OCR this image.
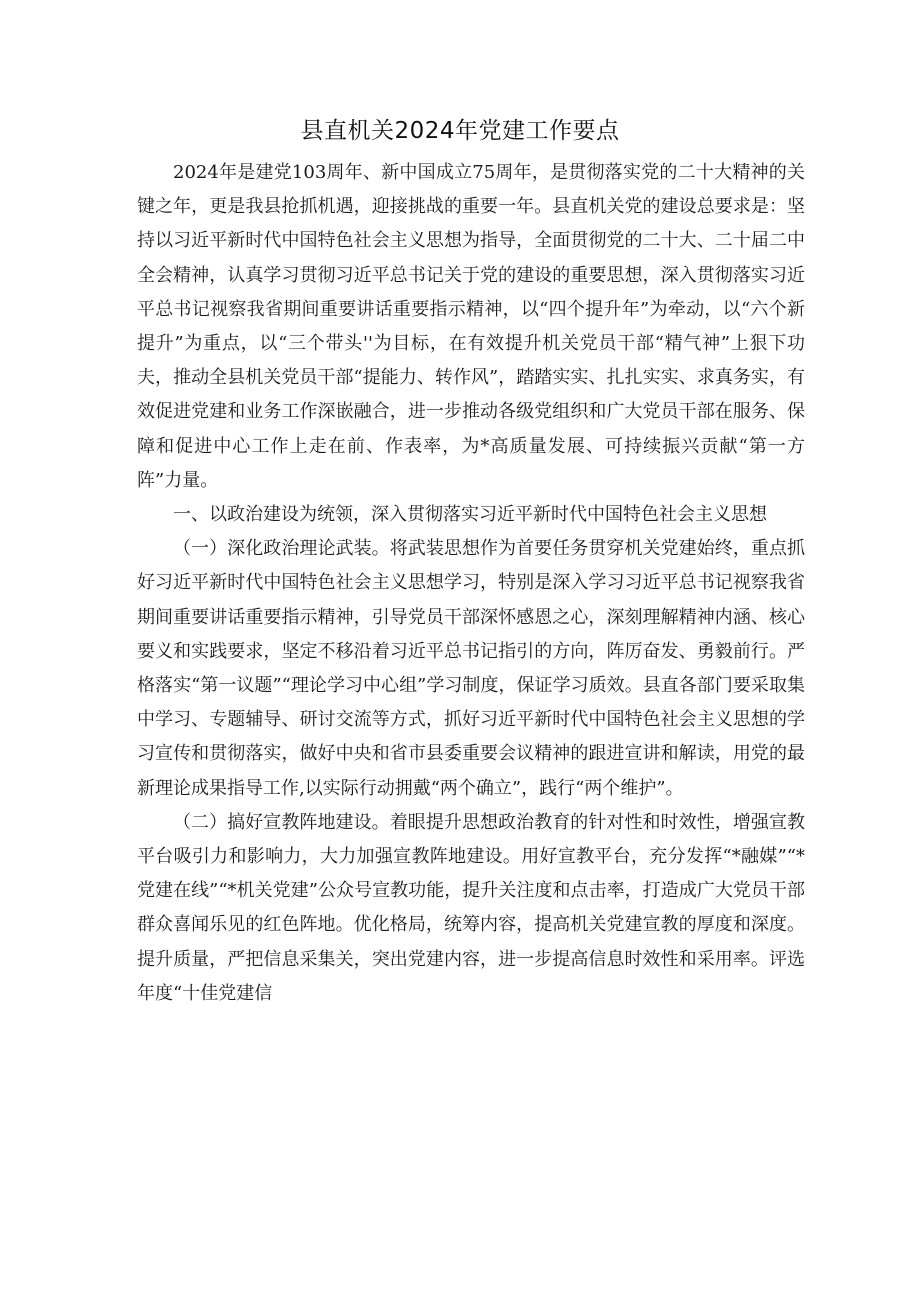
县直机关2024年党建工作要点

2024年是建党103周年、新中国成立75周年，是贯彻落实党的二十大精神的关键之年，更是我县抢抓机遇，迎接挑战的重要一年。县直机关党的建设总要求是：坚持以习近平新时代中国特色社会主义思想为指导，全面贯彻党的二十大、二十届二中全会精神，认真学习贯彻习近平总书记关于党的建设的重要思想，深入贯彻落实习近平总书记视察我省期间重要讲话重要指示精神，以“四个提升年”为牵动，以“六个新提升”为重点，以“三个带头''为目标，在有效提升机关党员干部“精气神”上狠下功夫，推动全县机关党员干部“提能力、转作风”，踏踏实实、扎扎实实、求真务实，有效促进党建和业务工作深嵌融合，进一步推动各级党组织和广大党员干部在服务、保障和促进中心工作上走在前、作表率，为*高质量发展、可持续振兴贡献“第一方阵”力量。

一、以政治建设为统领，深入贯彻落实习近平新时代中国特色社会主义思想

（一）深化政治理论武装。将武装思想作为首要任务贯穿机关党建始终，重点抓好习近平新时代中国特色社会主义思想学习，特别是深入学习习近平总书记视察我省期间重要讲话重要指示精神，引导党员干部深怀感恩之心，深刻理解精神内涵、核心要义和实践要求，坚定不移沿着习近平总书记指引的方向，阵厉奋发、勇毅前行。严格落实“第一议题”“理论学习中心组”学习制度，保证学习质效。县直各部门要采取集中学习、专题辅导、研讨交流等方式，抓好习近平新时代中国特色社会主义思想的学习宣传和贯彻落实，做好中央和省市县委重要会议精神的跟进宣讲和解读，用党的最新理论成果指导工作,以实际行动拥戴“两个确立”，践行“两个维护”。

（二）搞好宣教阵地建设。着眼提升思想政治教育的针对性和时效性，增强宣教平台吸引力和影响力，大力加强宣教阵地建设。用好宣教平台，充分发挥“*融媒”“*党建在线”“*机关党建”公众号宣教功能，提升关注度和点击率，打造成广大党员干部群众喜闻乐见的红色阵地。优化格局，统筹内容，提高机关党建宣教的厚度和深度。提升质量，严把信息采集关，突出党建内容，进一步提高信息时效性和采用率。评选年度“十佳党建信
